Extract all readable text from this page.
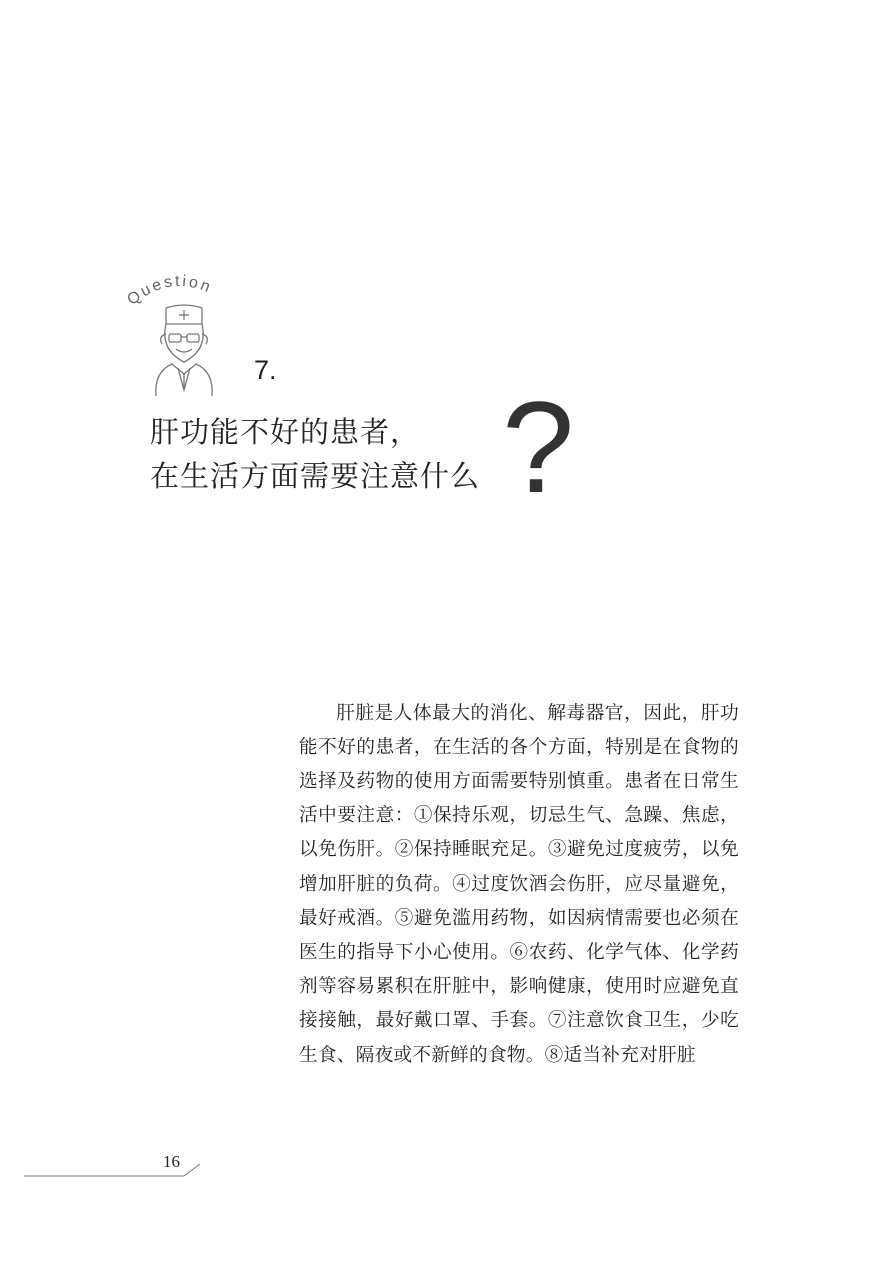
Question
7.
肝功能不好的患者，
在生活方面需要注意什么 ?

肝脏是人体最大的消化、解毒器官，因此，肝功能不好的患者，在生活的各个方面，特别是在食物的选择及药物的使用方面需要特别慎重。患者在日常生活中要注意：①保持乐观，切忌生气、急躁、焦虑，以免伤肝。②保持睡眠充足。③避免过度疲劳，以免增加肝脏的负荷。④过度饮酒会伤肝，应尽量避免，最好戒酒。⑤避免滥用药物，如因病情需要也必须在医生的指导下小心使用。⑥农药、化学气体、化学药剂等容易累积在肝脏中，影响健康，使用时应避免直接接触，最好戴口罩、手套。⑦注意饮食卫生，少吃生食、隔夜或不新鲜的食物。⑧适当补充对肝脏

16
